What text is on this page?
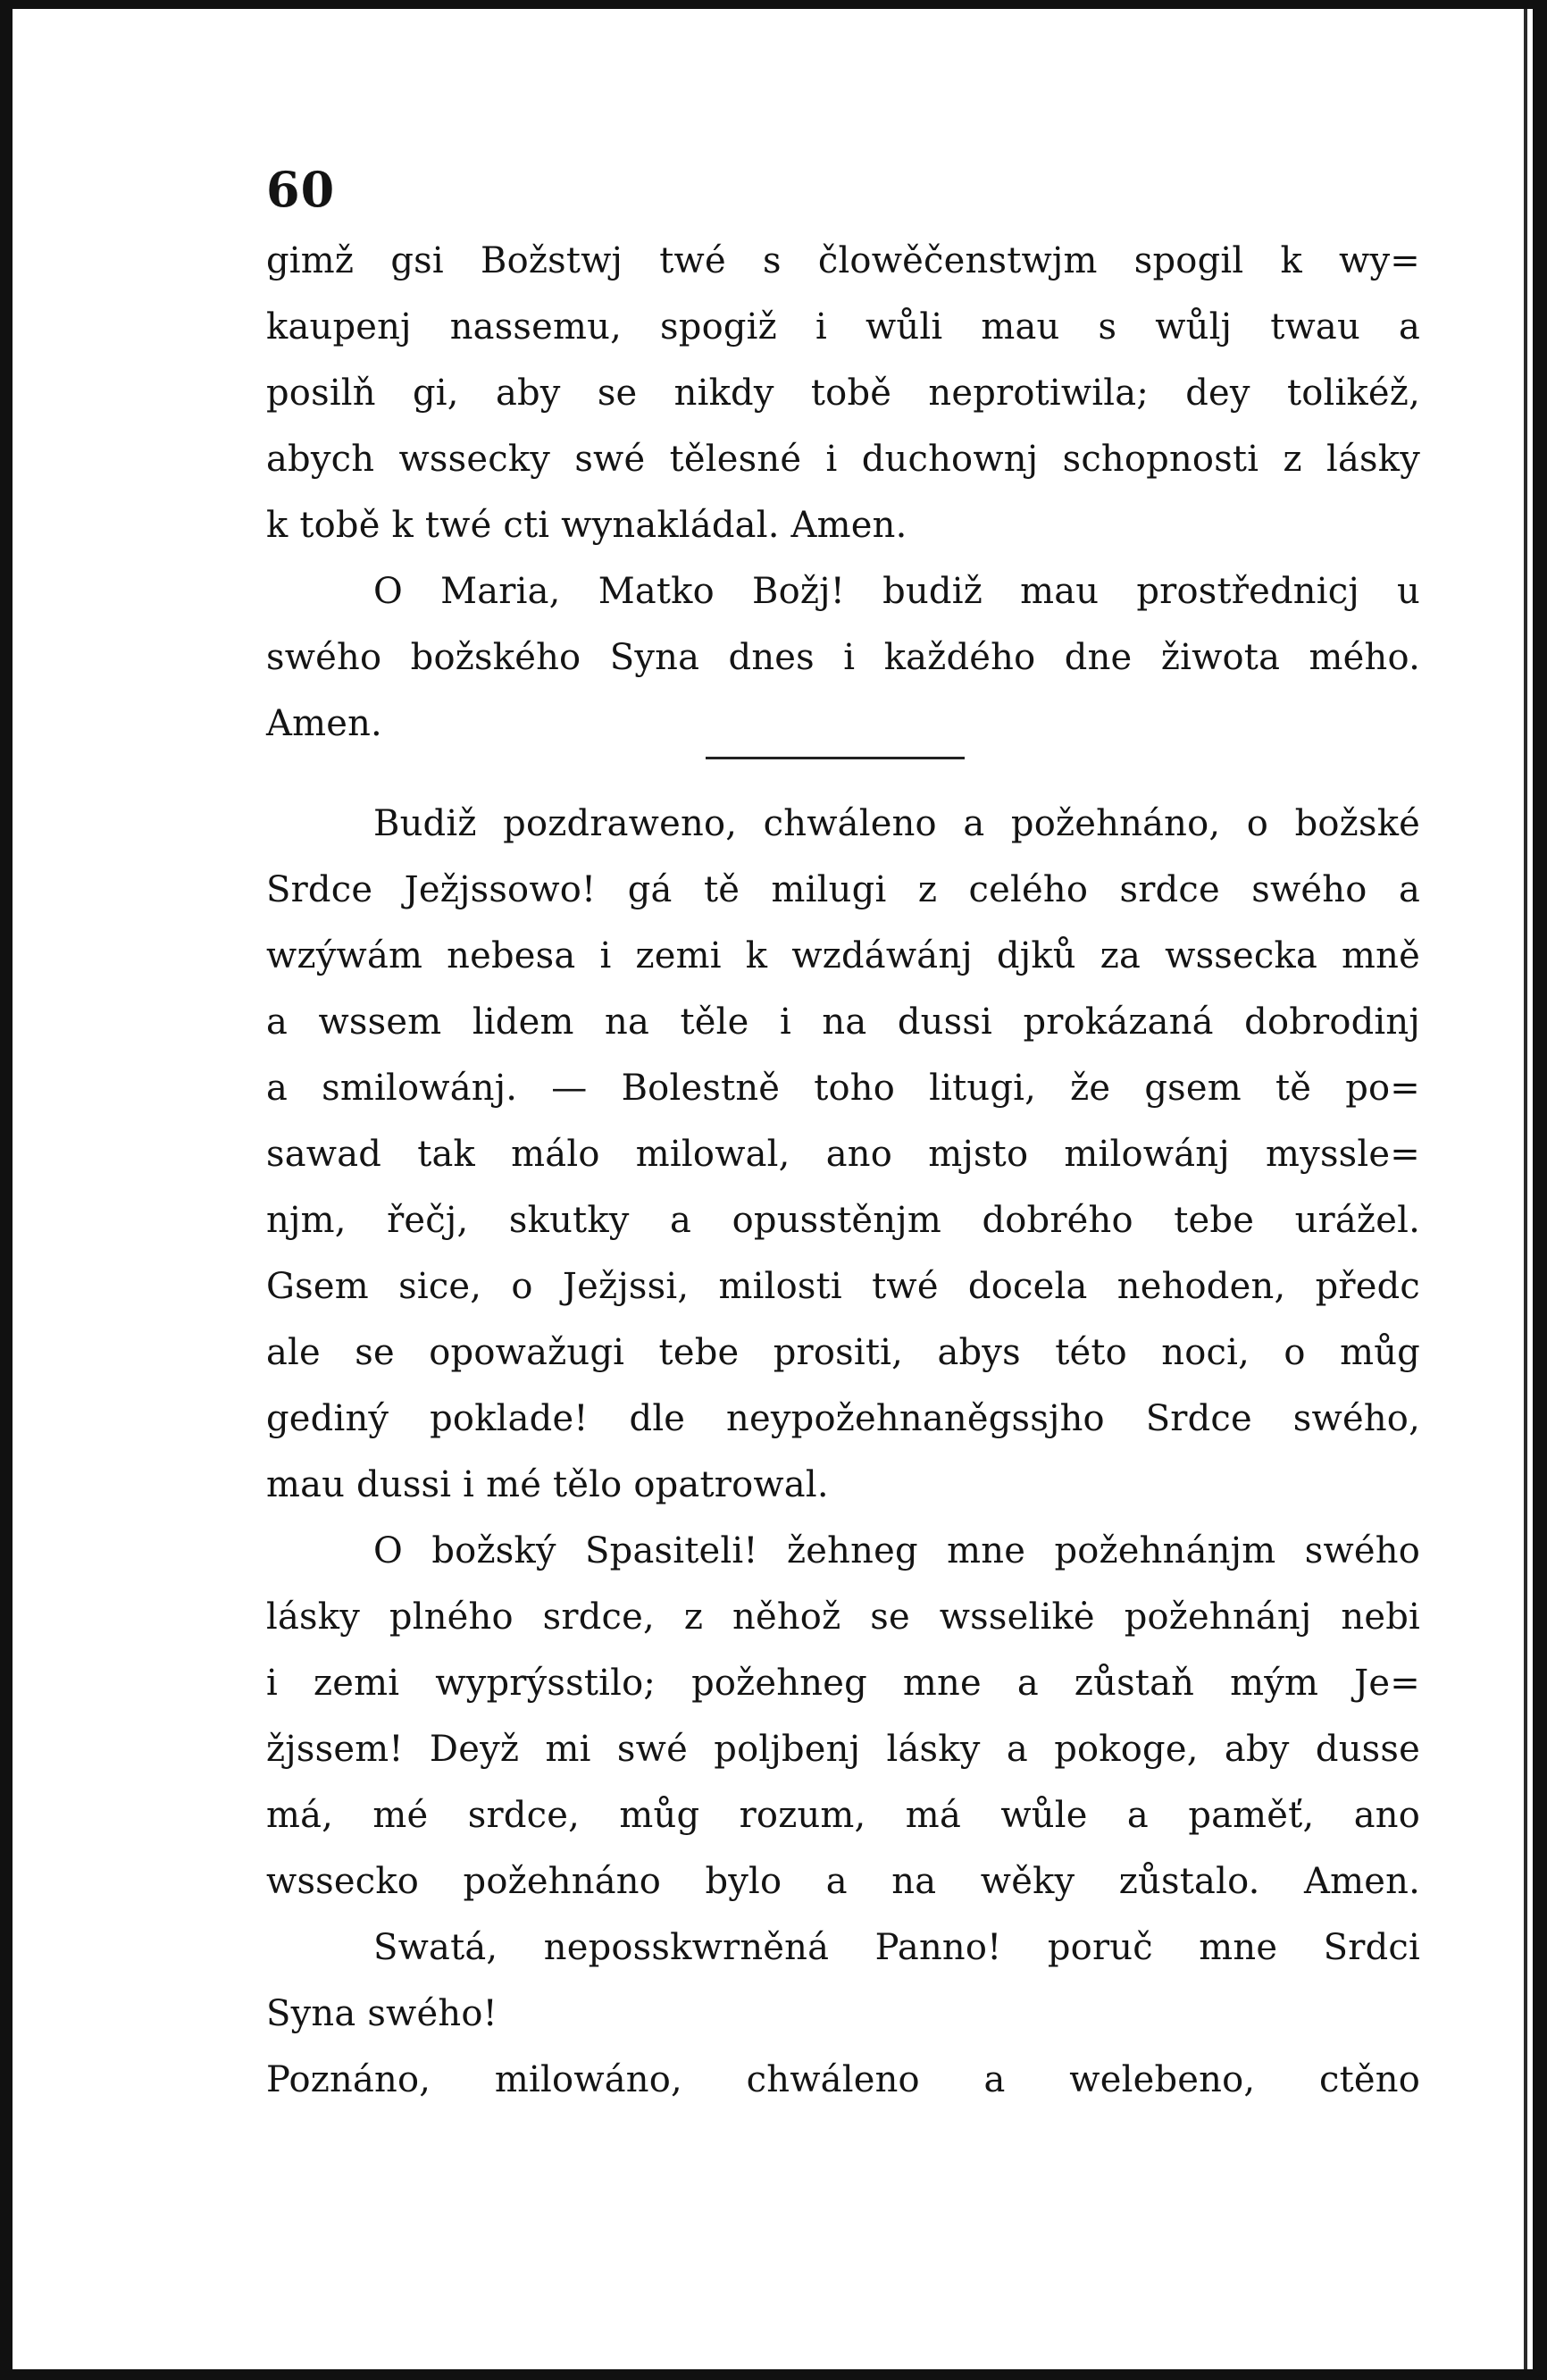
60
gimž gsi Božstwj twé s člowěčenstwjm spogil k wy=
kaupenj nassemu, spogiž i wůli mau s wůlj twau a
posilň gi, aby se nikdy tobě neprotiwila; dey tolikéž,
abych wssecky swé tělesné i duchownj schopnosti z lásky
k tobě k twé cti wynakládal. Amen.
O Maria, Matko Božj! budiž mau prostřednicj u
swého božského Syna dnes i každého dne žiwota mého.
Amen.
Budiž pozdraweno, chwáleno a požehnáno, o božské
Srdce Ježjssowo! gá tě milugi z celého srdce swého a
wzýwám nebesa i zemi k wzdáwánj djků za wssecka mně
a wssem lidem na těle i na dussi prokázaná dobrodinj
a smilowánj. — Bolestně toho litugi, že gsem tě po=
sawad tak málo milowal, ano mjsto milowánj myssle=
njm, řečj, skutky a opusstěnjm dobrého tebe urážel.
Gsem sice, o Ježjssi, milosti twé docela nehoden, předc
ale se opowažugi tebe prositi, abys této noci, o můg
gediný poklade! dle neypožehnaněgssjho Srdce swého,
mau dussi i mé tělo opatrowal.
O božský Spasiteli! žehneg mne požehnánjm swého
lásky plného srdce, z něhož se wsselikė požehnánj nebi
i zemi wyprýsstilo; požehneg mne a zůstaň mým Je=
žjssem! Deyž mi swé poljbenj lásky a pokoge, aby dusse
má, mé srdce, můg rozum, má wůle a paměť, ano
wssecko požehnáno bylo a na wěky zůstalo. Amen.
Swatá, neposskwrněná Panno! poruč mne Srdci
Syna swého!
Poznáno, milowáno, chwáleno a welebeno, ctěno
